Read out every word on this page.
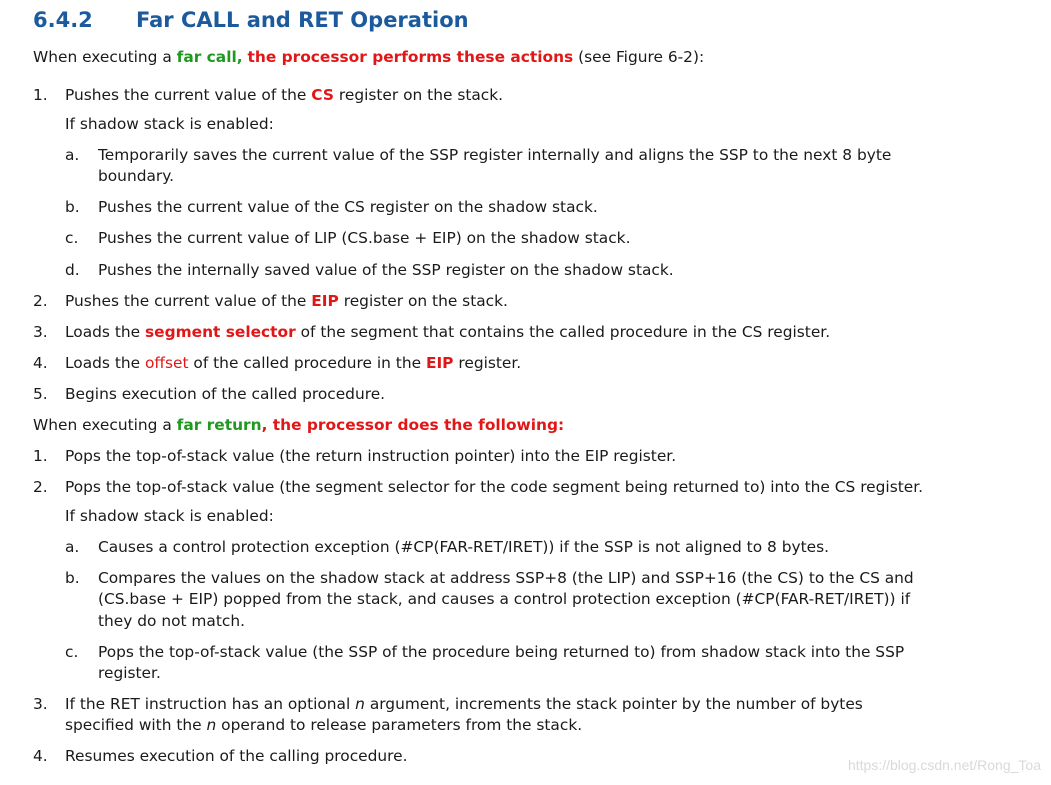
6.4.2 Far CALL and RET Operation
When executing a far call, the processor performs these actions (see Figure 6-2):
1. Pushes the current value of the CS register on the stack.
If shadow stack is enabled:
a. Temporarily saves the current value of the SSP register internally and aligns the SSP to the next 8 byte
boundary.
b. Pushes the current value of the CS register on the shadow stack.
c. Pushes the current value of LIP (CS.base + EIP) on the shadow stack.
d. Pushes the internally saved value of the SSP register on the shadow stack.
2. Pushes the current value of the EIP register on the stack.
3. Loads the segment selector of the segment that contains the called procedure in the CS register.
4. Loads the offset of the called procedure in the EIP register.
5. Begins execution of the called procedure.
When executing a far return, the processor does the following:
1. Pops the top-of-stack value (the return instruction pointer) into the EIP register.
2. Pops the top-of-stack value (the segment selector for the code segment being returned to) into the CS register.
If shadow stack is enabled:
a. Causes a control protection exception (#CP(FAR-RET/IRET)) if the SSP is not aligned to 8 bytes.
b. Compares the values on the shadow stack at address SSP+8 (the LIP) and SSP+16 (the CS) to the CS and
(CS.base + EIP) popped from the stack, and causes a control protection exception (#CP(FAR-RET/IRET)) if
they do not match.
c. Pops the top-of-stack value (the SSP of the procedure being returned to) from shadow stack into the SSP
register.
3. If the RET instruction has an optional n argument, increments the stack pointer by the number of bytes
specified with the n operand to release parameters from the stack.
4. Resumes execution of the calling procedure.	https://blog.csdn.net/Rong_Toa
